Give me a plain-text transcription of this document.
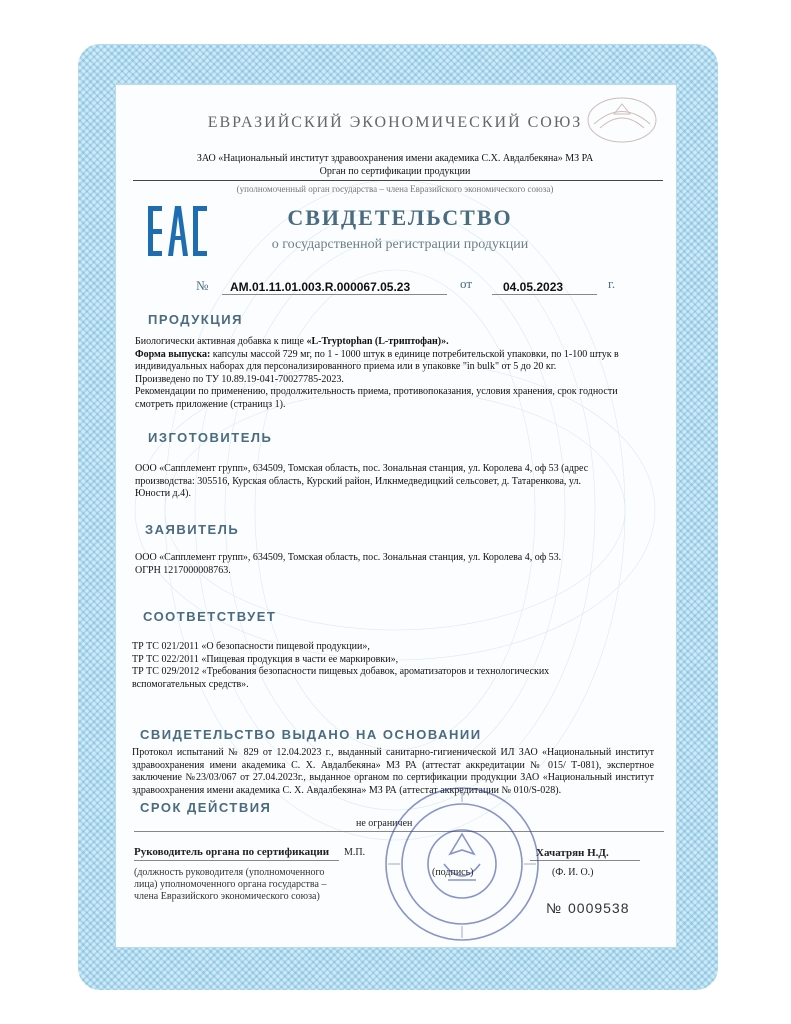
ЕВРАЗИЙСКИЙ ЭКОНОМИЧЕСКИЙ СОЮЗ
ЗАО «Национальный институт здравоохранения имени академика С.Х. Авдалбекяна» МЗ РА
Орган по сертификации продукции
(уполномоченный орган государства – члена Евразийского экономического союза)
СВИДЕТЕЛЬСТВО
о государственной регистрации продукции
№ AM.01.11.01.003.R.000067.05.23	от	04.05.2023	г.
ПРОДУКЦИЯ
Биологически активная добавка к пище «L-Tryptophan (L-триптофан)».
Форма выпуска: капсулы массой 729 мг, по 1 - 1000 штук в единице потребительской упаковки, по 1-100 штук в индивидуальных наборах для персонализированного приема или в упаковке "in bulk" от 5 до 20 кг.
Произведено по ТУ 10.89.19-041-70027785-2023.
Рекомендации по применению, продолжительность приема, противопоказания, условия хранения, срок годности смотреть приложение (страницз 1).
ИЗГОТОВИТЕЛЬ
ООО «Сапплемент групп», 634509, Томская область, пос. Зональная станция, ул. Королева 4, оф 53 (адрес производства: 305516, Курская область, Курский район, Илкнмедведицкий сельсовет, д. Татаренкова, ул. Юности д.4).
ЗАЯВИТЕЛЬ
ООО «Сапплемент групп», 634509, Томская область, пос. Зональная станция, ул. Королева 4, оф 53.
ОГРН 1217000008763.
СООТВЕТСТВУЕТ
ТР ТС 021/2011 «О безопасности пищевой продукции»,
ТР ТС 022/2011 «Пищевая продукция в части ее маркировки»,
ТР ТС 029/2012 «Требования безопасности пищевых добавок, ароматизаторов и технологических вспомогательных средств».
СВИДЕТЕЛЬСТВО ВЫДАНО НА ОСНОВАНИИ
Протокол испытаний № 829 от 12.04.2023 г., выданный санитарно-гигиенической ИЛ ЗАО «Национальный институт здравоохранения имени академика С. Х. Авдалбекяна» МЗ РА (аттестат аккредитации № 015/ Т-081), экспертное заключение №23/03/067 от 27.04.2023г., выданное органом по сертификации продукции ЗАО «Национальный институт здравоохранения имени академика С. Х. Авдалбекяна» МЗ РА (аттестат аккредитации № 010/S-028).
СРОК ДЕЙСТВИЯ
не ограничен
Руководитель органа по сертификации М.П.
(подпись)
Хачатрян Н.Д.
(должность руководителя (уполномоченного лица) уполномоченного органа государства – члена Евразийского экономического союза)
(Ф. И. О.)
№ 0009538
